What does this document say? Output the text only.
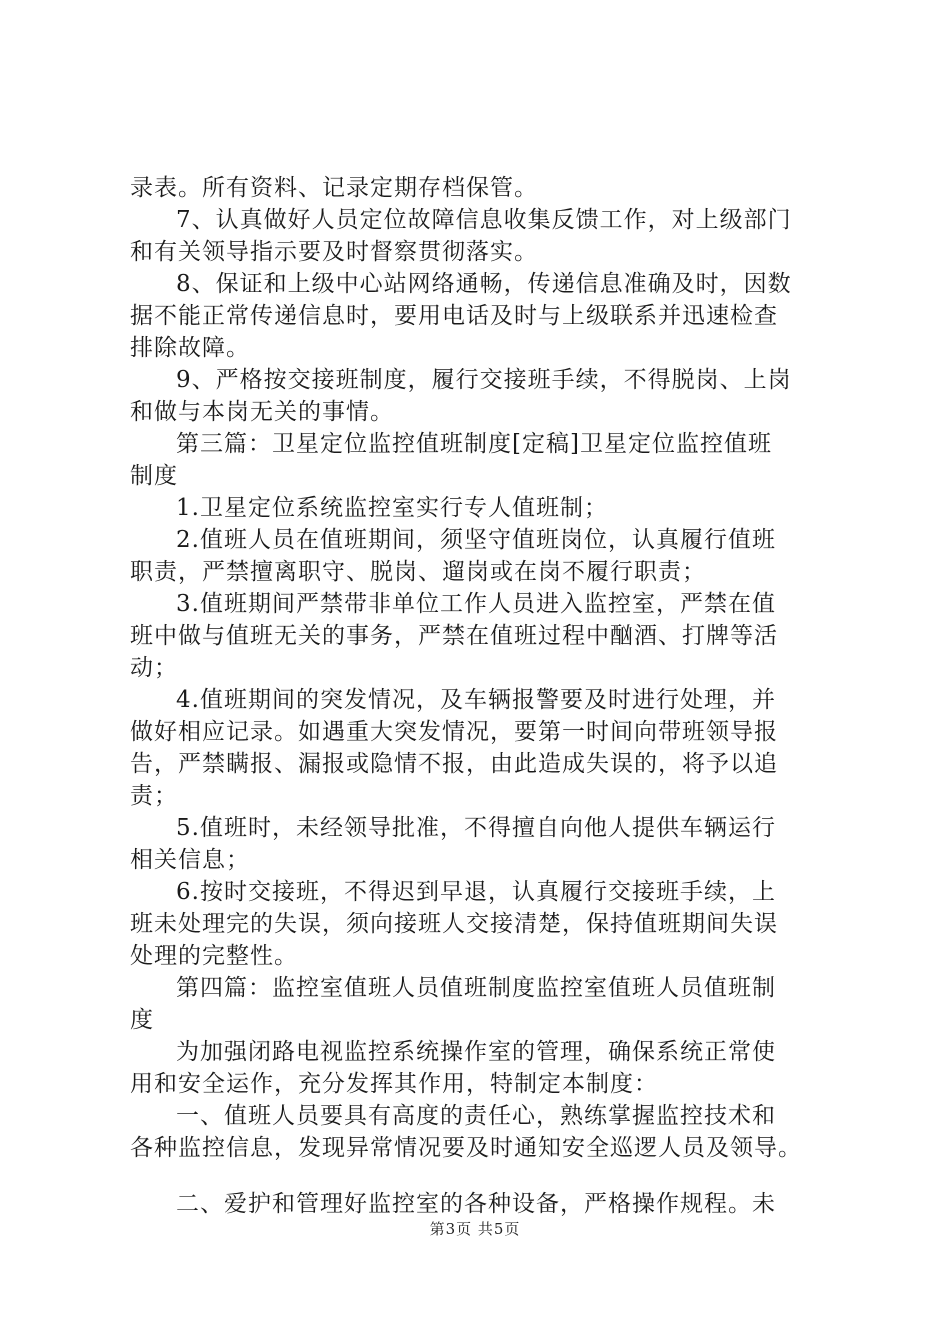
录表。所有资料、记录定期存档保管。
7、认真做好人员定位故障信息收集反馈工作，对上级部门
和有关领导指示要及时督察贯彻落实。
8、保证和上级中心站网络通畅，传递信息准确及时，因数
据不能正常传递信息时，要用电话及时与上级联系并迅速检查
排除故障。
9、严格按交接班制度，履行交接班手续，不得脱岗、上岗
和做与本岗无关的事情。
第三篇：卫星定位监控值班制度[定稿]卫星定位监控值班
制度
1.卫星定位系统监控室实行专人值班制；
2.值班人员在值班期间，须坚守值班岗位，认真履行值班
职责，严禁擅离职守、脱岗、遛岗或在岗不履行职责；
3.值班期间严禁带非单位工作人员进入监控室，严禁在值
班中做与值班无关的事务，严禁在值班过程中酗酒、打牌等活
动；
4.值班期间的突发情况，及车辆报警要及时进行处理，并
做好相应记录。如遇重大突发情况，要第一时间向带班领导报
告，严禁瞒报、漏报或隐情不报，由此造成失误的，将予以追
责；
5.值班时，未经领导批准，不得擅自向他人提供车辆运行
相关信息；
6.按时交接班，不得迟到早退，认真履行交接班手续，上
班未处理完的失误，须向接班人交接清楚，保持值班期间失误
处理的完整性。
第四篇：监控室值班人员值班制度监控室值班人员值班制
度
为加强闭路电视监控系统操作室的管理，确保系统正常使
用和安全运作，充分发挥其作用，特制定本制度：
一、值班人员要具有高度的责任心，熟练掌握监控技术和
各种监控信息，发现异常情况要及时通知安全巡逻人员及领导。
二、爱护和管理好监控室的各种设备，严格操作规程。未
第3页 共5页
